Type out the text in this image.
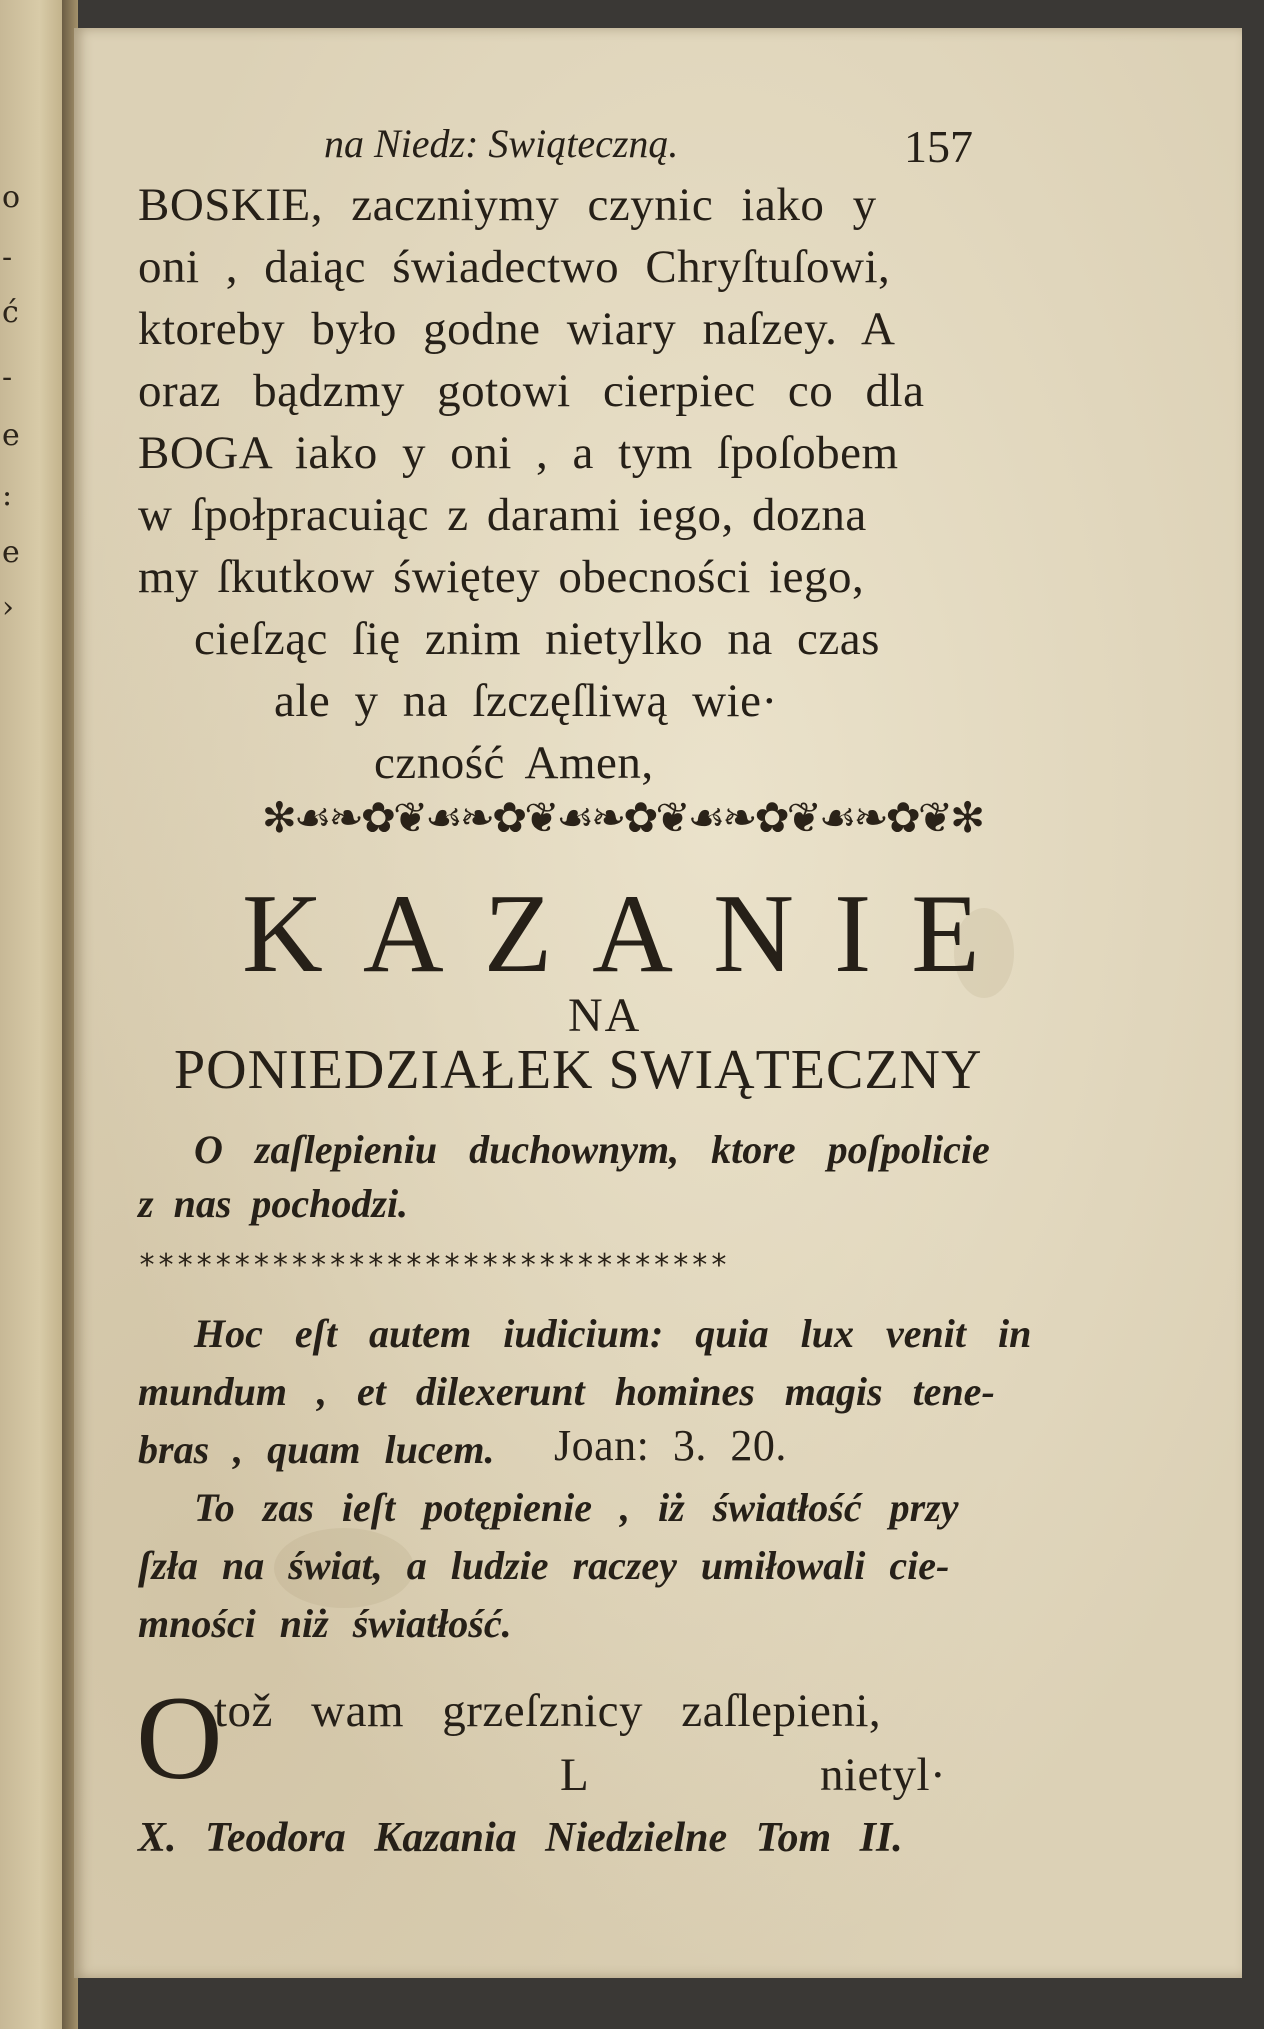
o
-
ć
-
e
:
e
›
na Niedz: Swiąteczną.	157
BOSKIE, zaczniymy czynic iako y
oni , daiąc świadectwo Chryſtuſowi,
ktoreby było godne wiary naſzey. A
oraz bądzmy gotowi cierpiec co dla
BOGA iako y oni , a tym ſpoſobem
w ſpołpracuiąc z darami iego, dozna
my ſkutkow świętey obecności iego,
cieſząc ſię znim nietylko na czas
ale y na ſzczęſliwą wie·
czność Amen,
✻☙❧✿❦☙❧✿❦☙❧✿❦☙❧✿❦☙❧✿❦✻
KAZANIE
NA
PONIEDZIAŁEK SWIĄTECZNY
O zaſlepieniu duchownym, ktore poſpolicie
z nas pochodzi.
*******************************
Hoc eſt autem iudicium: quia lux venit in
mundum , et dilexerunt homines magis tene-
bras , quam lucem. Joan: 3. 20.
To zas ieſt potępienie , iż światłość przy
ſzła na świat, a ludzie raczey umiłowali cie-
mności niż światłość.
O
tož wam grzeſznicy zaſlepieni,
L	nietyl·
X. Teodora Kazania Niedzielne Tom II.
